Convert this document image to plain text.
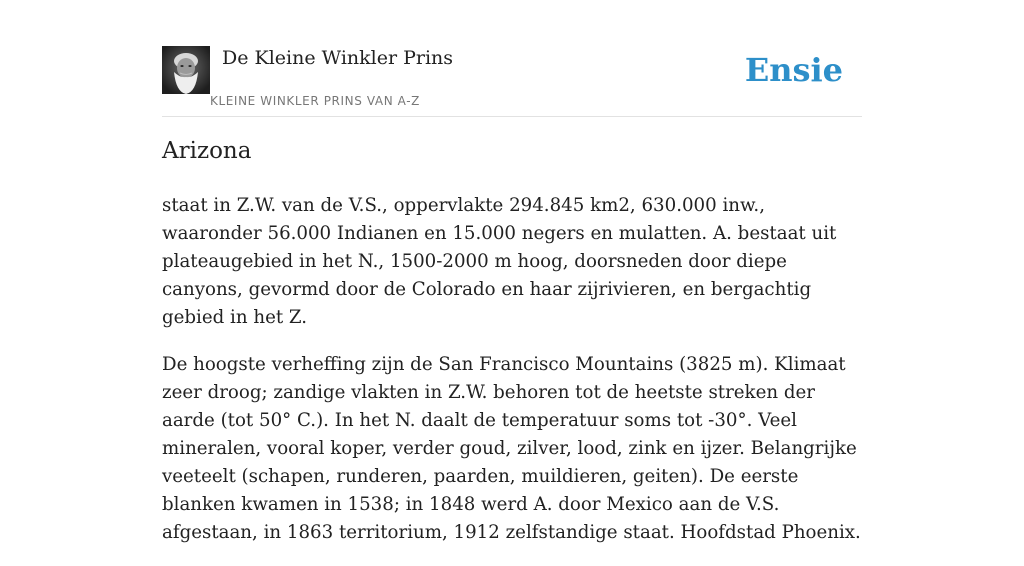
De Kleine Winkler Prins
KLEINE WINKLER PRINS VAN A-Z
Ensie
Arizona

staat in Z.W. van de V.S., oppervlakte 294.845 km2, 630.000 inw., waaronder 56.000 Indianen en 15.000 negers en mulatten. A. bestaat uit plateaugebied in het N., 1500-2000 m hoog, doorsneden door diepe canyons, gevormd door de Colorado en haar zijrivieren, en bergachtig gebied in het Z.

De hoogste verheffing zijn de San Francisco Mountains (3825 m). Klimaat zeer droog; zandige vlakten in Z.W. behoren tot de heetste streken der aarde (tot 50° C.). In het N. daalt de temperatuur soms tot -30°. Veel mineralen, vooral koper, verder goud, zilver, lood, zink en ijzer. Belangrijke veeteelt (schapen, runderen, paarden, muildieren, geiten). De eerste blanken kwamen in 1538; in 1848 werd A. door Mexico aan de V.S. afgestaan, in 1863 territorium, 1912 zelfstandige staat. Hoofdstad Phoenix.
